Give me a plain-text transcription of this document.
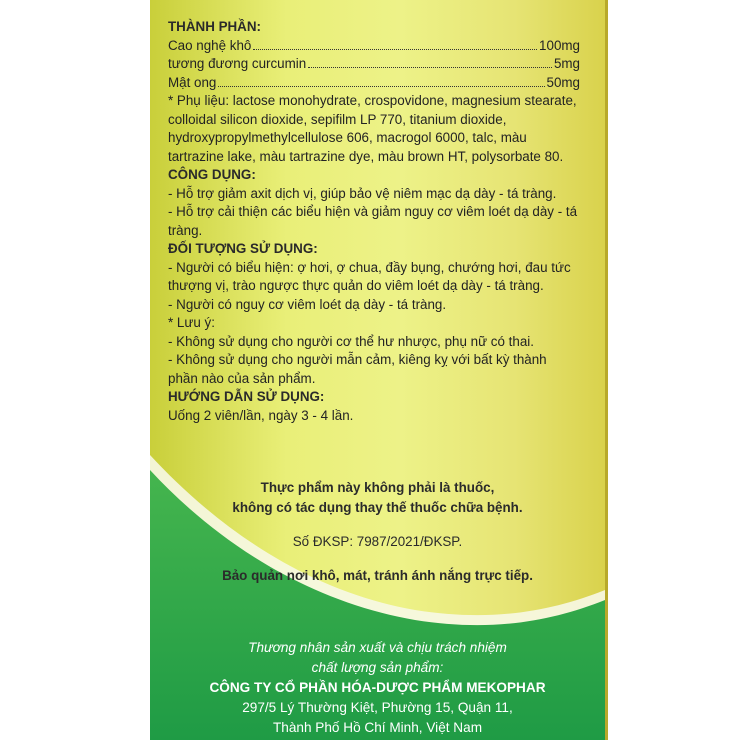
THÀNH PHẦN:
Cao nghệ khô	100mg
tương đương curcumin	5mg
Mật ong	50mg
* Phụ liệu: lactose monohydrate, crospovidone, magnesium stearate, colloidal silicon dioxide, sepifilm LP 770, titanium dioxide, hydroxypropylmethylcellulose 606, macrogol 6000, talc, màu tartrazine lake, màu tartrazine dye, màu brown HT, polysorbate 80.
CÔNG DỤNG:
- Hỗ trợ giảm axit dịch vị, giúp bảo vệ niêm mạc dạ dày - tá tràng.
- Hỗ trợ cải thiện các biểu hiện và giảm nguy cơ viêm loét dạ dày - tá tràng.
ĐỐI TƯỢNG SỬ DỤNG:
- Người có biểu hiện: ợ hơi, ợ chua, đầy bụng, chướng hơi, đau tức thượng vị, trào ngược thực quản do viêm loét dạ dày - tá tràng.
- Người có nguy cơ viêm loét dạ dày - tá tràng.
* Lưu ý:
- Không sử dụng cho người cơ thể hư nhược, phụ nữ có thai.
- Không sử dụng cho người mẫn cảm, kiêng kỵ với bất kỳ thành phần nào của sản phẩm.
HƯỚNG DẪN SỬ DỤNG:
Uống 2 viên/lần, ngày 3 - 4 lần.
Thực phẩm này không phải là thuốc,
không có tác dụng thay thế thuốc chữa bệnh.
Số ĐKSP: 7987/2021/ĐKSP.
Bảo quản nơi khô, mát, tránh ánh nắng trực tiếp.
Thương nhân sản xuất và chịu trách nhiệm
chất lượng sản phẩm:
CÔNG TY CỔ PHẦN HÓA-DƯỢC PHẨM MEKOPHAR
297/5 Lý Thường Kiệt, Phường 15, Quận 11,
Thành Phố Hồ Chí Minh, Việt Nam
